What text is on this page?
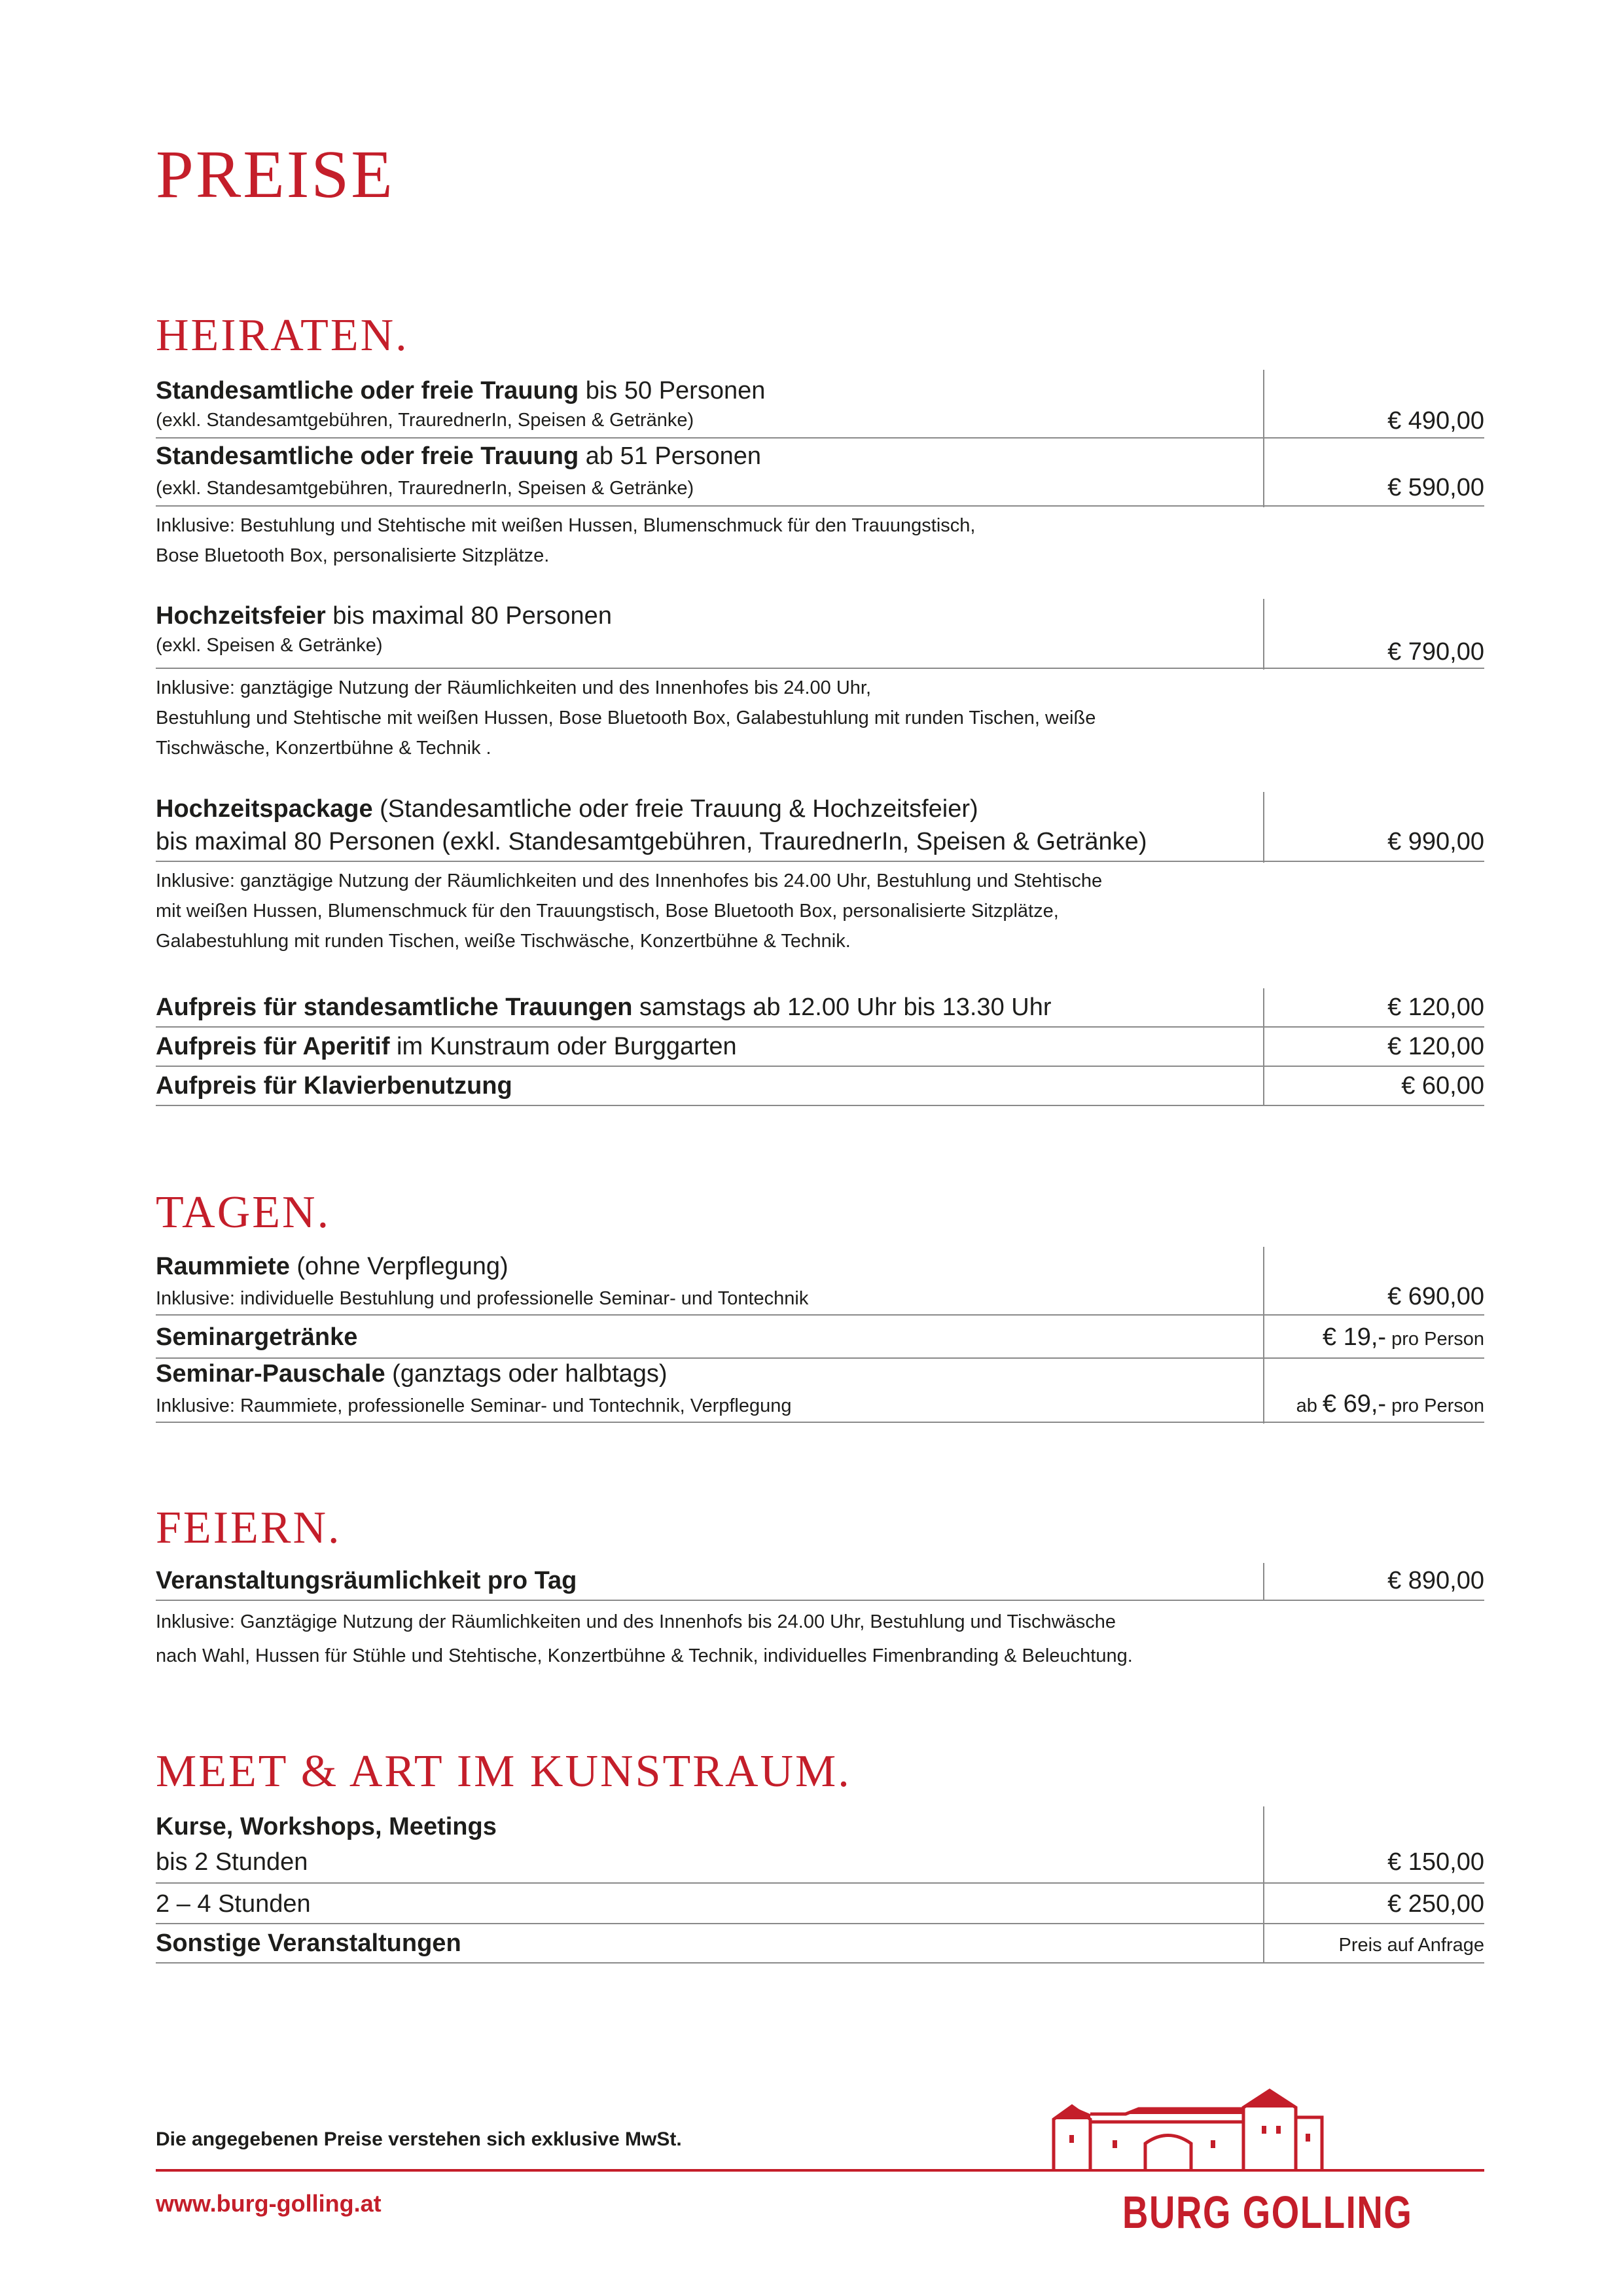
PREISE
HEIRATEN.
Standesamtliche oder freie Trauung bis 50 Personen
(exkl. Standesamtgebühren, TraurednerIn, Speisen & Getränke)	€ 490,00
Standesamtliche oder freie Trauung ab 51 Personen
(exkl. Standesamtgebühren, TraurednerIn, Speisen & Getränke)	€ 590,00
Inklusive: Bestuhlung und Stehtische mit weißen Hussen, Blumenschmuck für den Trauungstisch,
Bose Bluetooth Box, personalisierte Sitzplätze.
Hochzeitsfeier bis maximal 80 Personen
(exkl. Speisen & Getränke)	€ 790,00
Inklusive: ganztägige Nutzung der Räumlichkeiten und des Innenhofes bis 24.00 Uhr,
Bestuhlung und Stehtische mit weißen Hussen, Bose Bluetooth Box, Galabestuhlung mit runden Tischen, weiße
Tischwäsche, Konzertbühne & Technik .
Hochzeitspackage (Standesamtliche oder freie Trauung & Hochzeitsfeier)
bis maximal 80 Personen (exkl. Standesamtgebühren, TraurednerIn, Speisen & Getränke)	€ 990,00
Inklusive: ganztägige Nutzung der Räumlichkeiten und des Innenhofes bis 24.00 Uhr, Bestuhlung und Stehtische
mit weißen Hussen, Blumenschmuck für den Trauungstisch, Bose Bluetooth Box, personalisierte Sitzplätze,
Galabestuhlung mit runden Tischen, weiße Tischwäsche, Konzertbühne & Technik.
Aufpreis für standesamtliche Trauungen samstags ab 12.00 Uhr bis 13.30 Uhr	€ 120,00
Aufpreis für Aperitif im Kunstraum oder Burggarten	€ 120,00
Aufpreis für Klavierbenutzung	€ 60,00
TAGEN.
Raummiete (ohne Verpflegung)
Inklusive: individuelle Bestuhlung und professionelle Seminar- und Tontechnik	€ 690,00
Seminargetränke	€ 19,- pro Person
Seminar-Pauschale (ganztags oder halbtags)
Inklusive: Raummiete, professionelle Seminar- und Tontechnik, Verpflegung	ab € 69,- pro Person
FEIERN.
Veranstaltungsräumlichkeit pro Tag	€ 890,00
Inklusive: Ganztägige Nutzung der Räumlichkeiten und des Innenhofs bis 24.00 Uhr, Bestuhlung und Tischwäsche
nach Wahl, Hussen für Stühle und Stehtische, Konzertbühne & Technik, individuelles Fimenbranding & Beleuchtung.
MEET & ART IM KUNSTRAUM.
Kurse, Workshops, Meetings
bis 2 Stunden	€ 150,00
2 – 4 Stunden	€ 250,00
Sonstige Veranstaltungen	Preis auf Anfrage
Die angegebenen Preise verstehen sich exklusive MwSt.
www.burg-golling.at	BURG GOLLING
